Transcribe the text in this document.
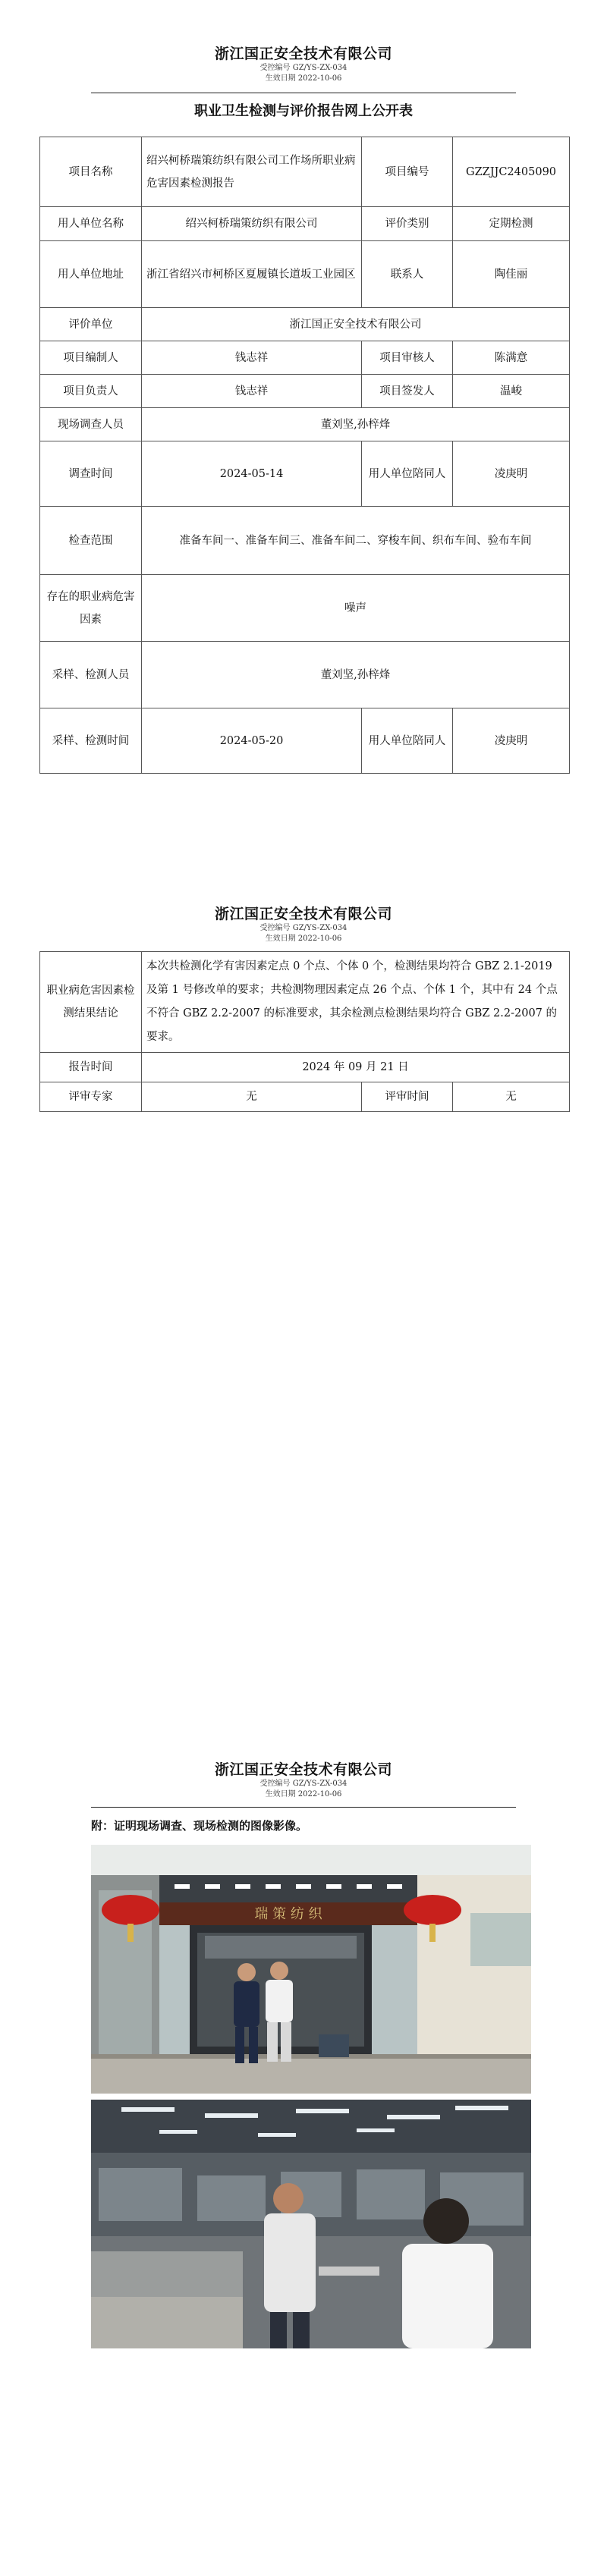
浙江国正安全技术有限公司
受控编号 GZ/YS-ZX-034
生效日期 2022-10-06
职业卫生检测与评价报告网上公开表
项目名称	绍兴柯桥瑞策纺织有限公司工作场所职业病危害因素检测报告	项目编号	GZZJJC2405090
用人单位名称	绍兴柯桥瑞策纺织有限公司	评价类别	定期检测
用人单位地址	浙江省绍兴市柯桥区夏履镇长道坂工业园区	联系人	陶佳丽
评价单位	浙江国正安全技术有限公司		
项目编制人	钱志祥	项目审核人	陈满意
项目负责人	钱志祥	项目签发人	温峻
现场调查人员	董刘坚,孙梓烽		
调查时间	2024-05-14	用人单位陪同人	凌庚明
检查范围	准备车间一、准备车间三、准备车间二、穿梭车间、织布车间、验布车间		
存在的职业病危害因素	噪声		
采样、检测人员	董刘坚,孙梓烽		
采样、检测时间	2024-05-20	用人单位陪同人	凌庚明
浙江国正安全技术有限公司
受控编号 GZ/YS-ZX-034
生效日期 2022-10-06
职业病危害因素检测结果结论	本次共检测化学有害因素定点 0 个点、个体 0 个，检测结果均符合 GBZ 2.1-2019 及第 1 号修改单的要求；共检测物理因素定点 26 个点、个体 1 个，其中有 24 个点不符合 GBZ 2.2-2007 的标准要求，其余检测点检测结果均符合 GBZ 2.2-2007 的要求。		
报告时间	2024 年 09 月 21 日		
评审专家	无	评审时间	无
浙江国正安全技术有限公司
受控编号 GZ/YS-ZX-034
生效日期 2022-10-06
附：证明现场调查、现场检测的图像影像。
瑞 策 纺 织
